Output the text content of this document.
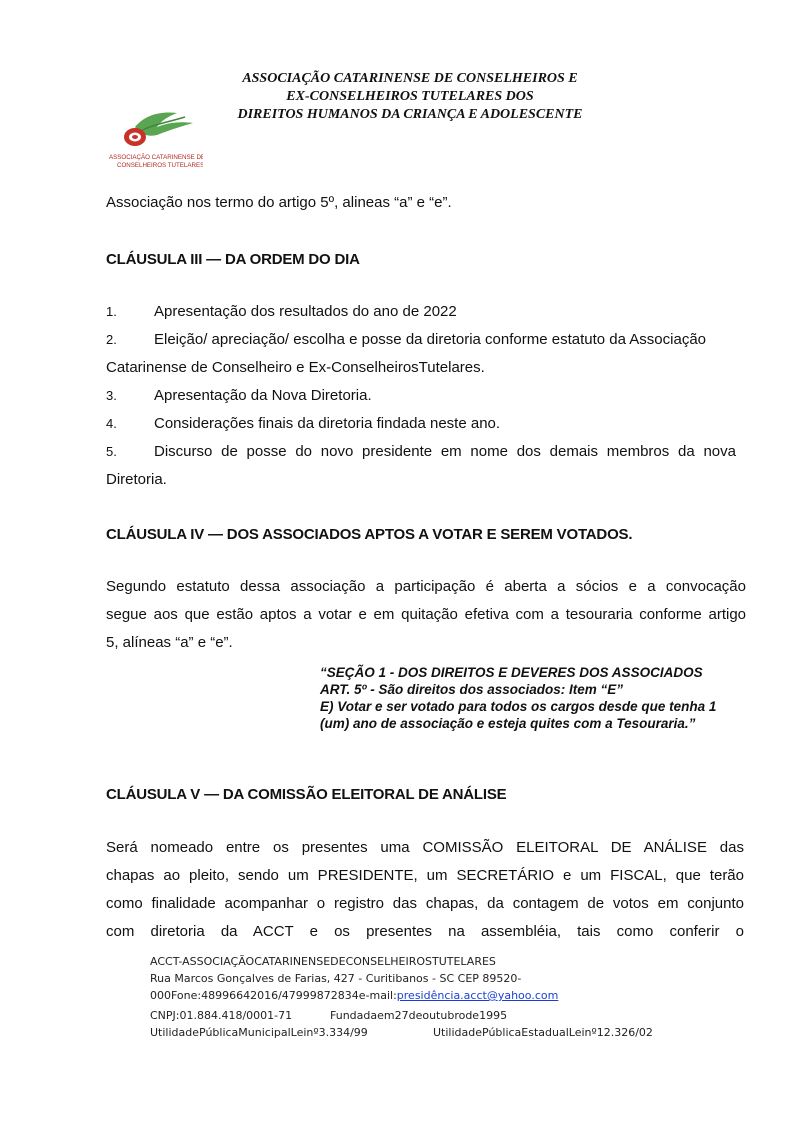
ASSOCIAÇÃO CATARINENSE DE CONSELHEIROS E
EX-CONSELHEIROS TUTELARES DOS
DIREITOS HUMANOS DA CRIANÇA E ADOLESCENTE
ASSOCIAÇÃO CATARINENSE DE
CONSELHEIROS TUTELARES
Associação nos termo do artigo 5º, alineas “a” e “e”.
CLÁUSULA III — DA ORDEM DO DIA
1. Apresentação dos resultados do ano de 2022
2. Eleição/ apreciação/ escolha e posse da diretoria conforme estatuto da Associação
Catarinense de Conselheiro e Ex-ConselheirosTutelares.
3. Apresentação da Nova Diretoria.
4. Considerações finais da diretoria findada neste ano.
5.	Discurso de posse do novo presidente em nome dos demais membros da nova
Diretoria.
CLÁUSULA IV — DOS ASSOCIADOS APTOS A VOTAR E SEREM VOTADOS.
Segundo estatuto dessa associação a participação é aberta a sócios e a convocação
segue aos que estão aptos a votar e em quitação efetiva com a tesouraria conforme artigo
5, alíneas “a” e “e”.
“SEÇÃO 1 - DOS DIREITOS E DEVERES DOS ASSOCIADOS
ART. 5º - São direitos dos associados: Item “E”
E) Votar e ser votado para todos os cargos desde que tenha 1
(um) ano de associação e esteja quites com a Tesouraria.”
CLÁUSULA V — DA COMISSÃO ELEITORAL DE ANÁLISE
Será nomeado entre os presentes uma COMISSÃO ELEITORAL DE ANÁLISE das
chapas ao pleito, sendo um PRESIDENTE, um SECRETÁRIO e um FISCAL, que terão
como finalidade acompanhar o registro das chapas, da contagem de votos em conjunto
com diretoria da ACCT e os presentes na assembléia, tais como conferir o
ACCT-ASSOCIAÇÃOCATARINENSEDECONSELHEIROSTUTELARES
Rua Marcos Gonçalves de Farias, 427 - Curitibanos - SC CEP 89520-
000Fone:48996642016/47999872834e-mail:presidência.acct@yahoo.com
CNPJ:01.884.418/0001-71	Fundadaem27deoutubrode1995
UtilidadePúblicaMunicipalLeinº3.334/99	UtilidadePúblicaEstadualLeinº12.326/02
